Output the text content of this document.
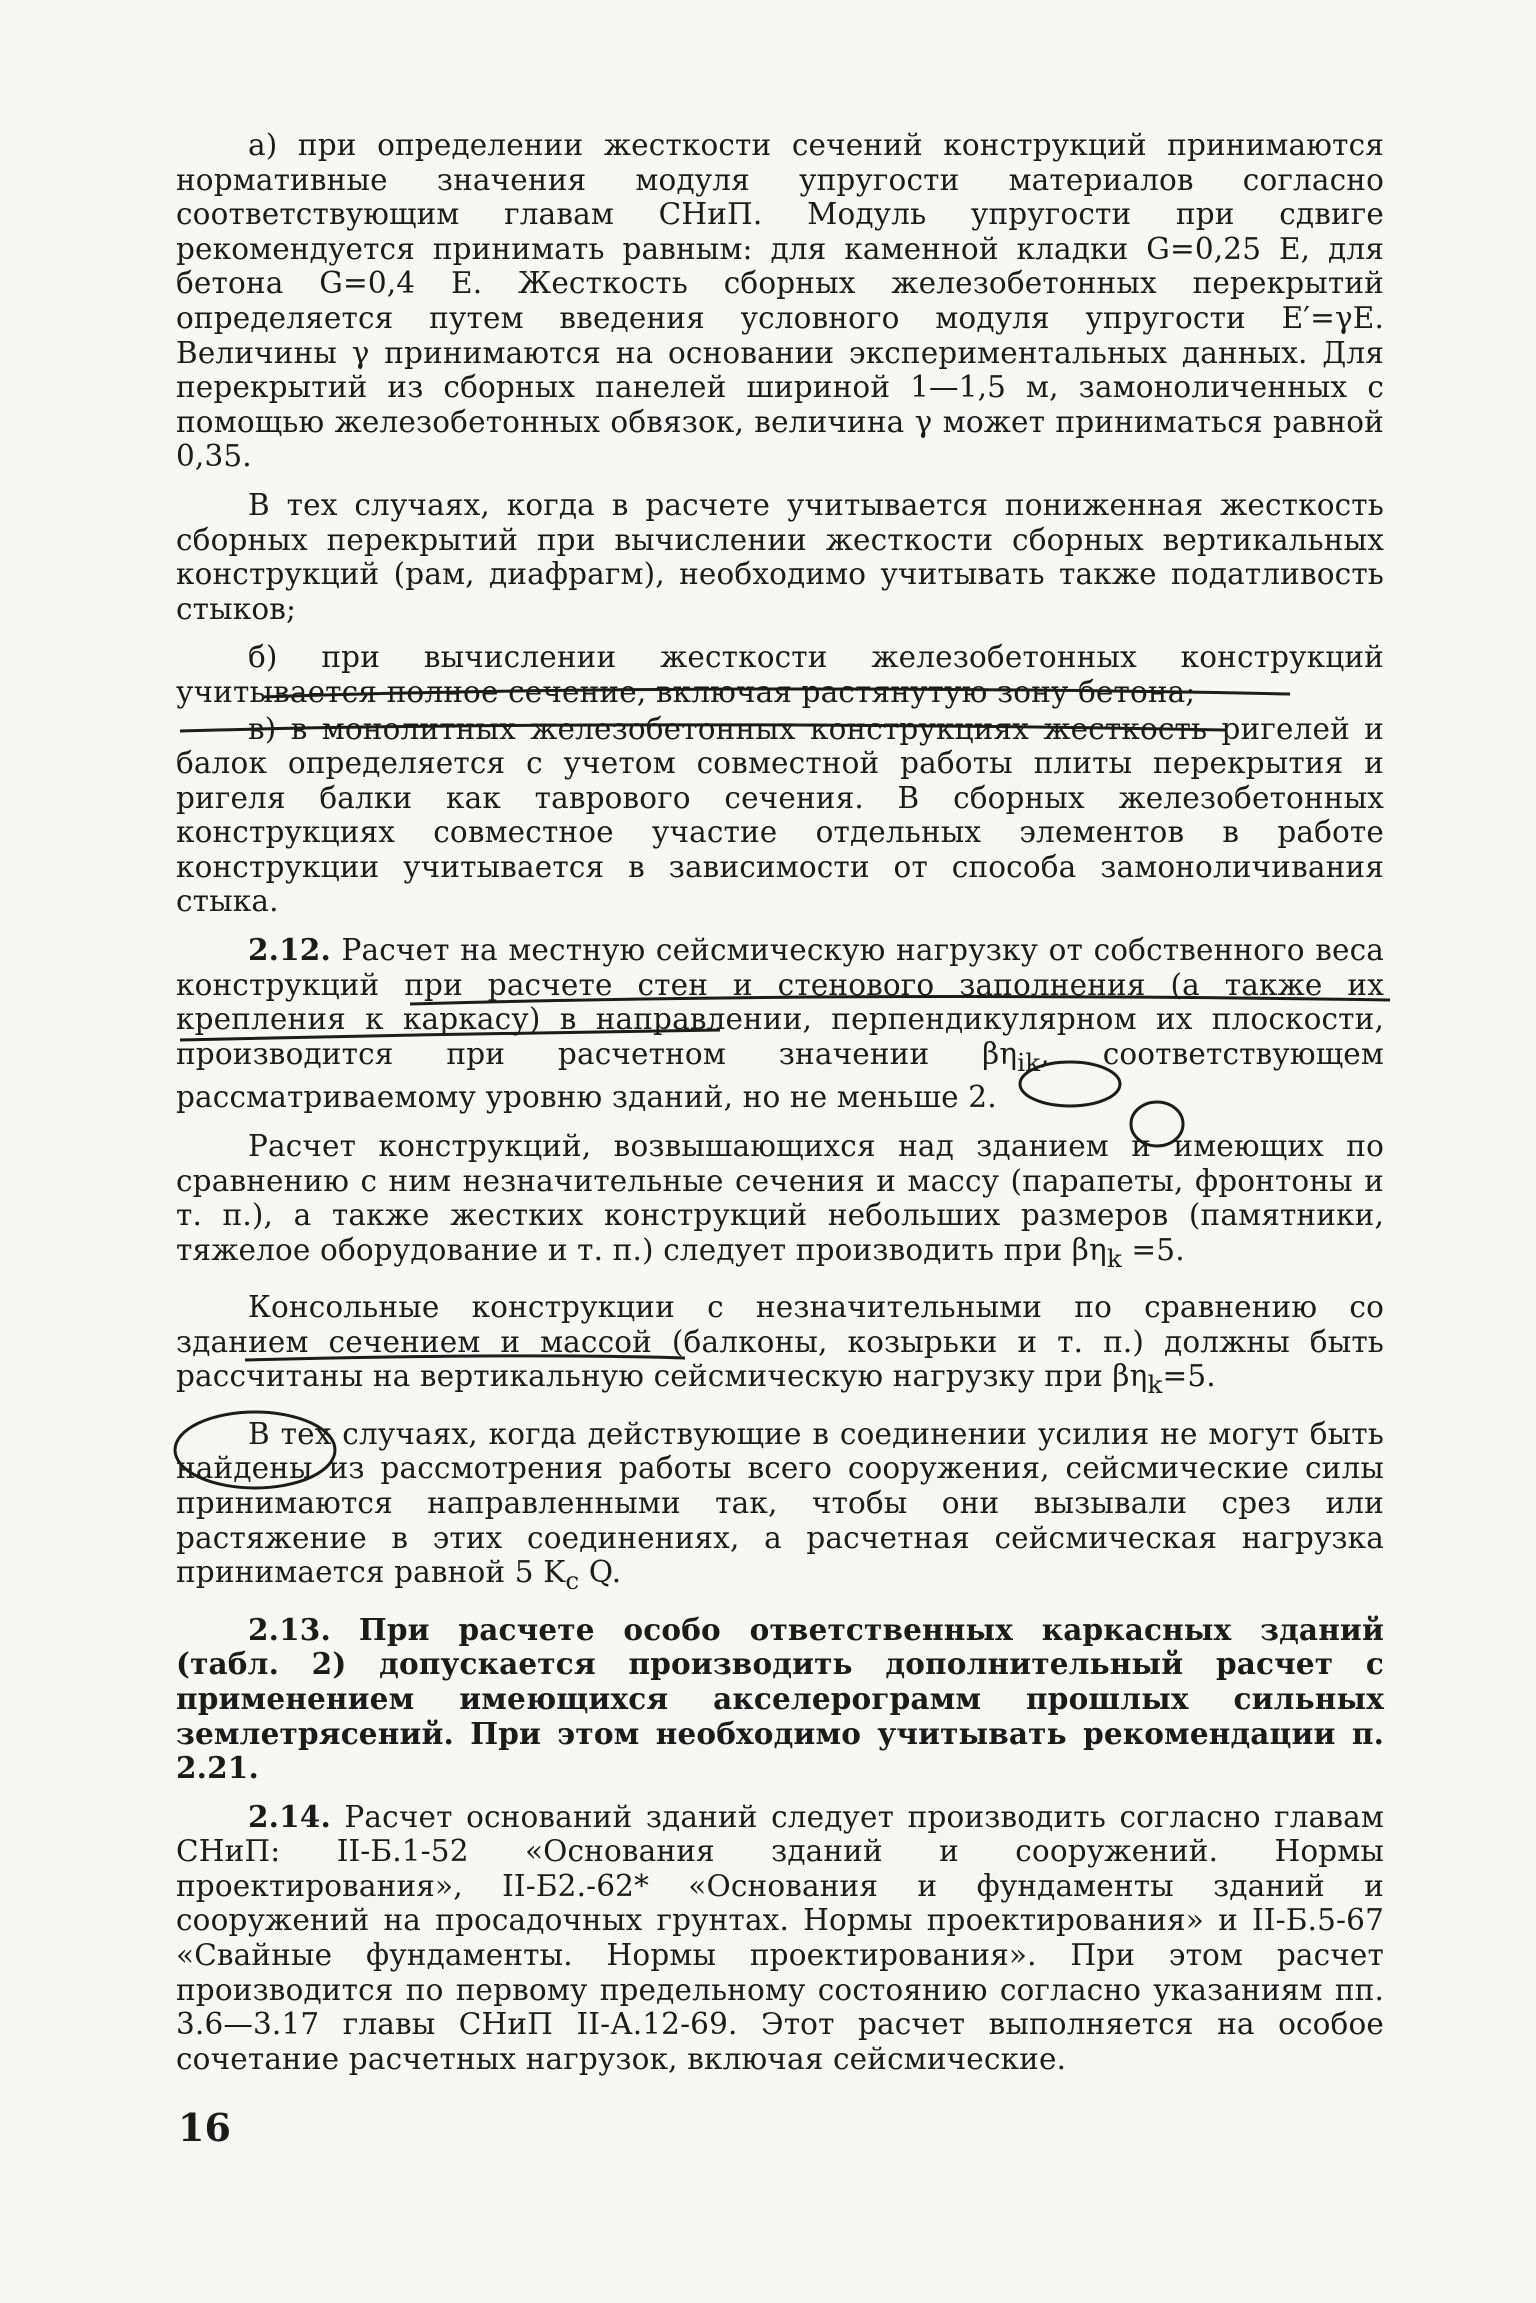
а) при определении жесткости сечений конструкций принимаются нормативные значения модуля упругости материалов согласно соответствующим главам СНиП. Модуль упругости при сдвиге рекомендуется принимать равным: для каменной кладки G=0,25 E, для бетона G=0,4 E. Жесткость сборных железобетонных перекрытий определяется путем введения условного модуля упругости E′=γE. Величины γ принимаются на основании экспериментальных данных. Для перекрытий из сборных панелей шириной 1—1,5 м, замоноличенных с помощью железобетонных обвязок, величина γ может приниматься равной 0,35.

В тех случаях, когда в расчете учитывается пониженная жесткость сборных перекрытий при вычислении жесткости сборных вертикальных конструкций (рам, диафрагм), необходимо учитывать также податливость стыков;

б) при вычислении жесткости железобетонных конструкций учитывается полное сечение, включая растянутую зону бетона;

в) в монолитных железобетонных конструкциях жесткость ригелей и балок определяется с учетом совместной работы плиты перекрытия и ригеля балки как таврового сечения. В сборных железобетонных конструкциях совместное участие отдельных элементов в работе конструкции учитывается в зависимости от способа замоноличивания стыка.

2.12. Расчет на местную сейсмическую нагрузку от собственного веса конструкций при расчете стен и стенового заполнения (а также их крепления к каркасу) в направлении, перпендикулярном их плоскости, производится при расчетном значении $\beta\eta_{ik}$, соответствующем рассматриваемому уровню зданий, но не меньше 2.

Расчет конструкций, возвышающихся над зданием и имеющих по сравнению с ним незначительные сечения и массу (парапеты, фронтоны и т. п.), а также жестких конструкций небольших размеров (памятники, тяжелое оборудование и т. п.) следует производить при $\beta\eta_k =5$.

Консольные конструкции с незначительными по сравнению со зданием сечением и массой (балконы, козырьки и т. п.) должны быть рассчитаны на вертикальную сейсмическую нагрузку при $\beta\eta_k=5$.

В тех случаях, когда действующие в соединении усилия не могут быть найдены из рассмотрения работы всего сооружения, сейсмические силы принимаются направленными так, чтобы они вызывали срез или растяжение в этих соединениях, а расчетная сейсмическая нагрузка принимается равной 5 $K_c$ Q.

2.13. При расчете особо ответственных каркасных зданий (табл. 2) допускается производить дополнительный расчет с применением имеющихся акселерограмм прошлых сильных землетрясений. При этом необходимо учитывать рекомендации п. 2.21.

2.14. Расчет оснований зданий следует производить согласно главам СНиП: II-Б.1-52 «Основания зданий и сооружений. Нормы проектирования», II-Б2.-62* «Основания и фундаменты зданий и сооружений на просадочных грунтах. Нормы проектирования» и II-Б.5-67 «Свайные фундаменты. Нормы проектирования». При этом расчет производится по первому предельному состоянию согласно указаниям пп. 3.6—3.17 главы СНиП II-А.12-69. Этот расчет выполняется на особое сочетание расчетных нагрузок, включая сейсмические.

16
